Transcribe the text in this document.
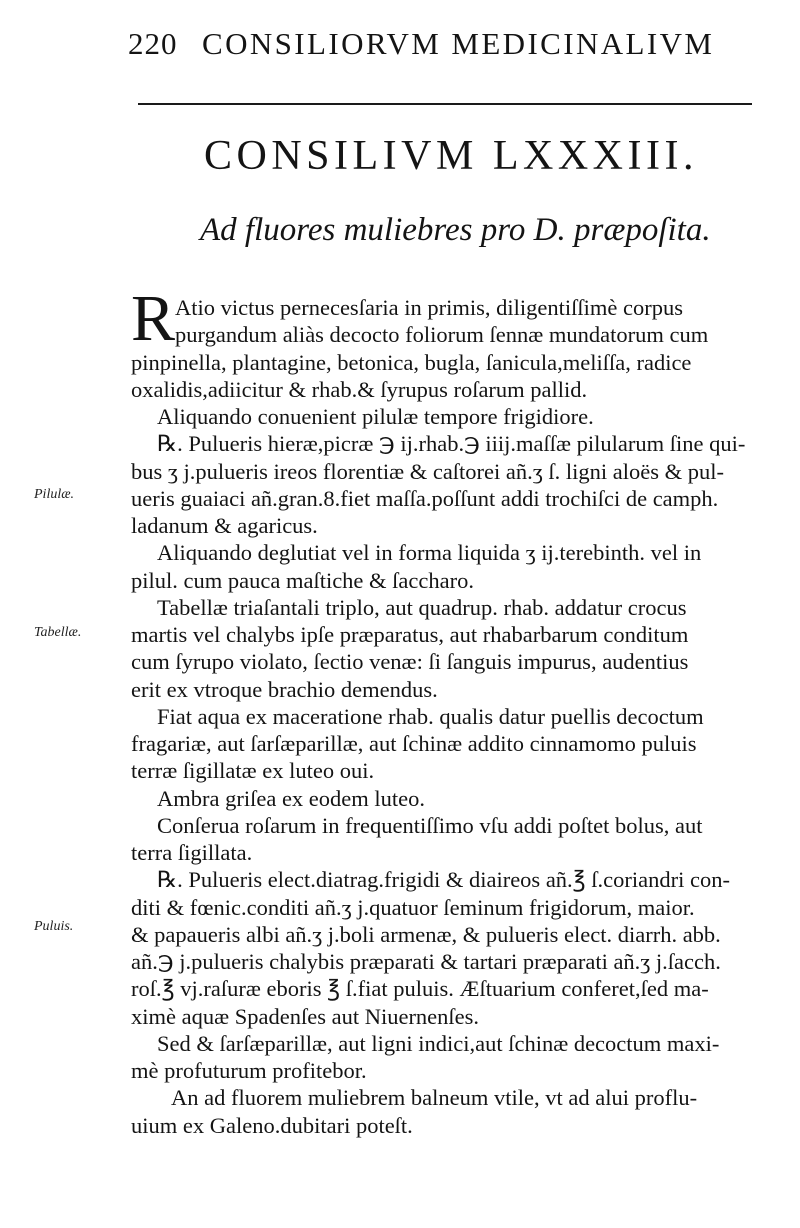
220 CONSILIORVM MEDICINALIVM
CONSILIVM LXXXIII.
Ad fluores muliebres pro D. præpoſita.
R
Pilulæ.
Tabellæ.
Puluis.
Atio victus pernecesſaria in primis, diligentiſſimè corpus
purgandum aliàs decocto foliorum ſennæ mundatorum cum
pinpinella, plantagine, betonica, bugla, ſanicula,meliſſa, radice
oxalidis,adiicitur & rhab.& ſyrupus roſarum pallid.
Aliquando conuenient pilulæ tempore frigidiore.
℞. Pulueris hieræ,picræ ℈ ij.rhab.℈ iiij.maſſæ pilularum ſine qui-
bus ʒ j.pulueris ireos florentiæ & caſtorei añ.ʒ ſ. ligni aloës & pul-
ueris guaiaci añ.gran.8.fiet maſſa.poſſunt addi trochiſci de camph.
ladanum & agaricus.
Aliquando deglutiat vel in forma liquida ʒ ij.terebinth. vel in
pilul. cum pauca maſtiche & ſaccharo.
Tabellæ triaſantali triplo, aut quadrup. rhab. addatur crocus
martis vel chalybs ipſe præparatus, aut rhabarbarum conditum
cum ſyrupo violato, ſectio venæ: ſi ſanguis impurus, audentius
erit ex vtroque brachio demendus.
Fiat aqua ex maceratione rhab. qualis datur puellis decoctum
fragariæ, aut ſarſæparillæ, aut ſchinæ addito cinnamomo puluis
terræ ſigillatæ ex luteo oui.
Ambra griſea ex eodem luteo.
Conſerua roſarum in frequentiſſimo vſu addi poſtet bolus, aut
terra ſigillata.
℞. Pulueris elect.diatrag.frigidi & diaireos añ.℥ ſ.coriandri con-
diti & fœnic.conditi añ.ʒ j.quatuor ſeminum frigidorum, maior.
& papaueris albi añ.ʒ j.boli armenæ, & pulueris elect. diarrh. abb.
añ.℈ j.pulueris chalybis præparati & tartari præparati añ.ʒ j.ſacch.
roſ.℥ vj.raſuræ eboris ℥ ſ.fiat puluis. Æſtuarium conferet,ſed ma-
ximè aquæ Spadenſes aut Niuernenſes.
Sed & ſarſæparillæ, aut ligni indici,aut ſchinæ decoctum maxi-
mè profuturum profitebor.
An ad fluorem muliebrem balneum vtile, vt ad alui proflu-
uium ex Galeno.dubitari poteſt.
